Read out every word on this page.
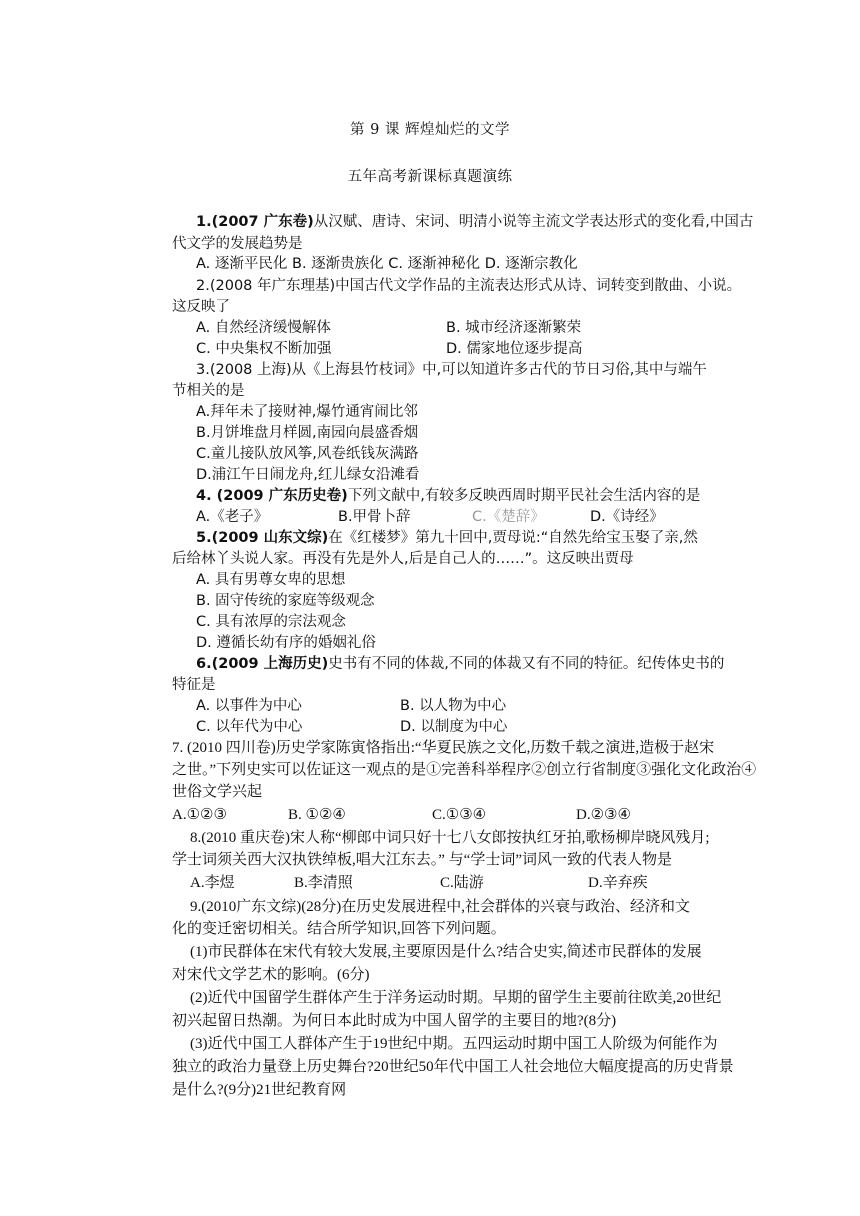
第 9 课 辉煌灿烂的文学
五年高考新课标真题演练
1.(2007 广东卷)从汉赋、唐诗、宋词、明清小说等主流文学表达形式的变化看,中国古
代文学的发展趋势是
A. 逐渐平民化 B. 逐渐贵族化 C. 逐渐神秘化 D. 逐渐宗教化
2.(2008 年广东理基)中国古代文学作品的主流表达形式从诗、词转变到散曲、小说。
这反映了
A. 自然经济缓慢解体	B. 城市经济逐渐繁荣
C. 中央集权不断加强	D. 儒家地位逐步提高
3.(2008 上海)从《上海县竹枝词》中,可以知道许多古代的节日习俗,其中与端午
节相关的是
A.拜年未了接财神,爆竹通宵闹比邻
B.月饼堆盘月样圆,南园向晨盛香烟
C.童儿接队放风筝,风卷纸钱灰满路
D.浦江午日闹龙舟,红儿绿女沿滩看
4. (2009 广东历史卷)下列文献中,有较多反映西周时期平民社会生活内容的是
A.《老子》	B.甲骨卜辞	C.《楚辞》	D.《诗经》
5.(2009 山东文综)在《红楼梦》第九十回中,贾母说:“自然先给宝玉娶了亲,然
后给林丫头说人家。再没有先是外人,后是自己人的……”。这反映出贾母
A. 具有男尊女卑的思想
B. 固守传统的家庭等级观念
C. 具有浓厚的宗法观念
D. 遵循长幼有序的婚姻礼俗
6.(2009 上海历史)史书有不同的体裁,不同的体裁又有不同的特征。纪传体史书的
特征是
A. 以事件为中心	B. 以人物为中心
C. 以年代为中心	D. 以制度为中心
7. (2010 四川卷)历史学家陈寅恪指出:“华夏民族之文化,历数千载之演进,造极于赵宋
之世。”下列史实可以佐证这一观点的是①完善科举程序②创立行省制度③强化文化政治④
世俗文学兴起
A.①②③	B. ①②④	C.①③④	D.②③④
8.(2010 重庆卷)宋人称“柳郎中词只好十七八女郎按执红牙拍,歌杨柳岸晓风残月;
学士词须关西大汉执铁绰板,唱大江东去。” 与“学士词”词风一致的代表人物是
A.李煜	B.李清照	C.陆游	D.辛弃疾
9.(2010广东文综)(28分)在历史发展进程中,社会群体的兴衰与政治、经济和文
化的变迁密切相关。结合所学知识,回答下列问题。
(1)市民群体在宋代有较大发展,主要原因是什么?结合史实,简述市民群体的发展
对宋代文学艺术的影响。(6分)
(2)近代中国留学生群体产生于洋务运动时期。早期的留学生主要前往欧美,20世纪
初兴起留日热潮。为何日本此时成为中国人留学的主要目的地?(8分)
(3)近代中国工人群体产生于19世纪中期。五四运动时期中国工人阶级为何能作为
独立的政治力量登上历史舞台?20世纪50年代中国工人社会地位大幅度提高的历史背景
是什么?(9分)21世纪教育网
